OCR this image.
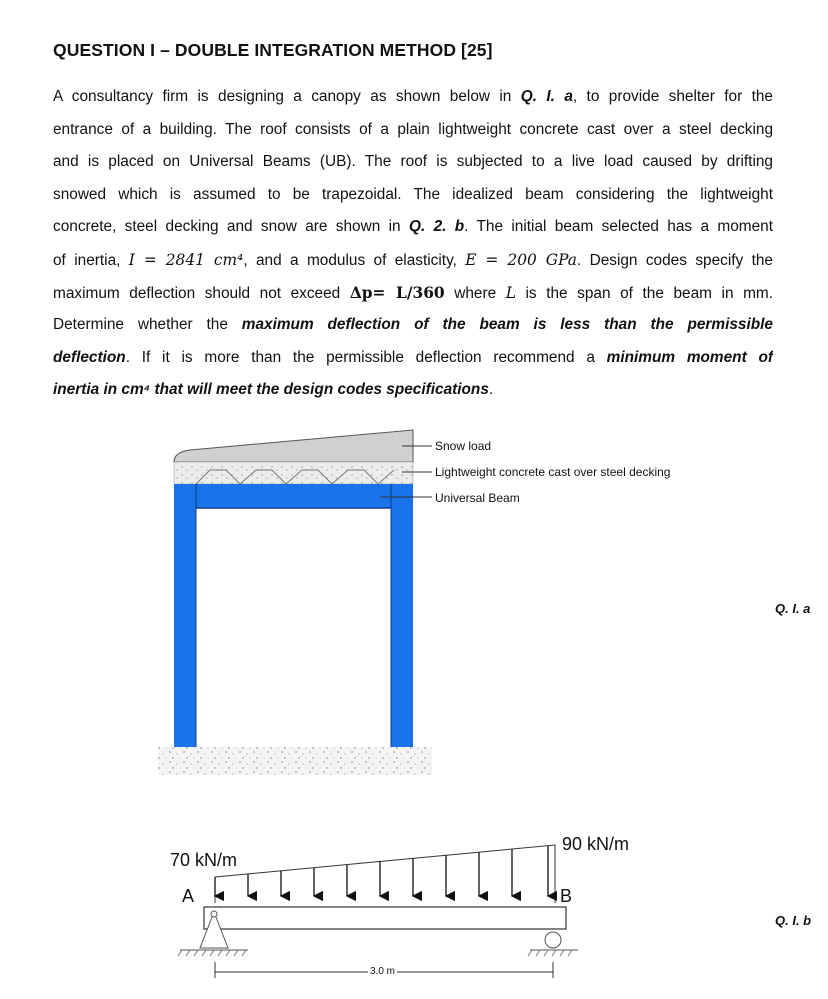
QUESTION I – DOUBLE INTEGRATION METHOD [25]
A consultancy firm is designing a canopy as shown below in Q. I. a, to provide shelter for the
entrance of a building. The roof consists of a plain lightweight concrete cast over a steel decking
and is placed on Universal Beams (UB). The roof is subjected to a live load caused by drifting
snowed which is assumed to be trapezoidal. The idealized beam considering the lightweight
concrete, steel decking and snow are shown in Q. 2. b. The initial beam selected has a moment
of inertia, I = 2841 cm⁴, and a modulus of elasticity, E = 200 GPa. Design codes specify the
maximum deflection should not exceed Δp= L/360 where L is the span of the beam in mm.
Determine whether the maximum deflection of the beam is less than the permissible
deflection. If it is more than the permissible deflection recommend a minimum moment of
inertia in cm⁴ that will meet the design codes specifications.
Snow load
Lightweight concrete cast over steel decking
Universal Beam
Q. I. a
70 kN/m
90 kN/m
A	B
3.0 m
Q. I. b
